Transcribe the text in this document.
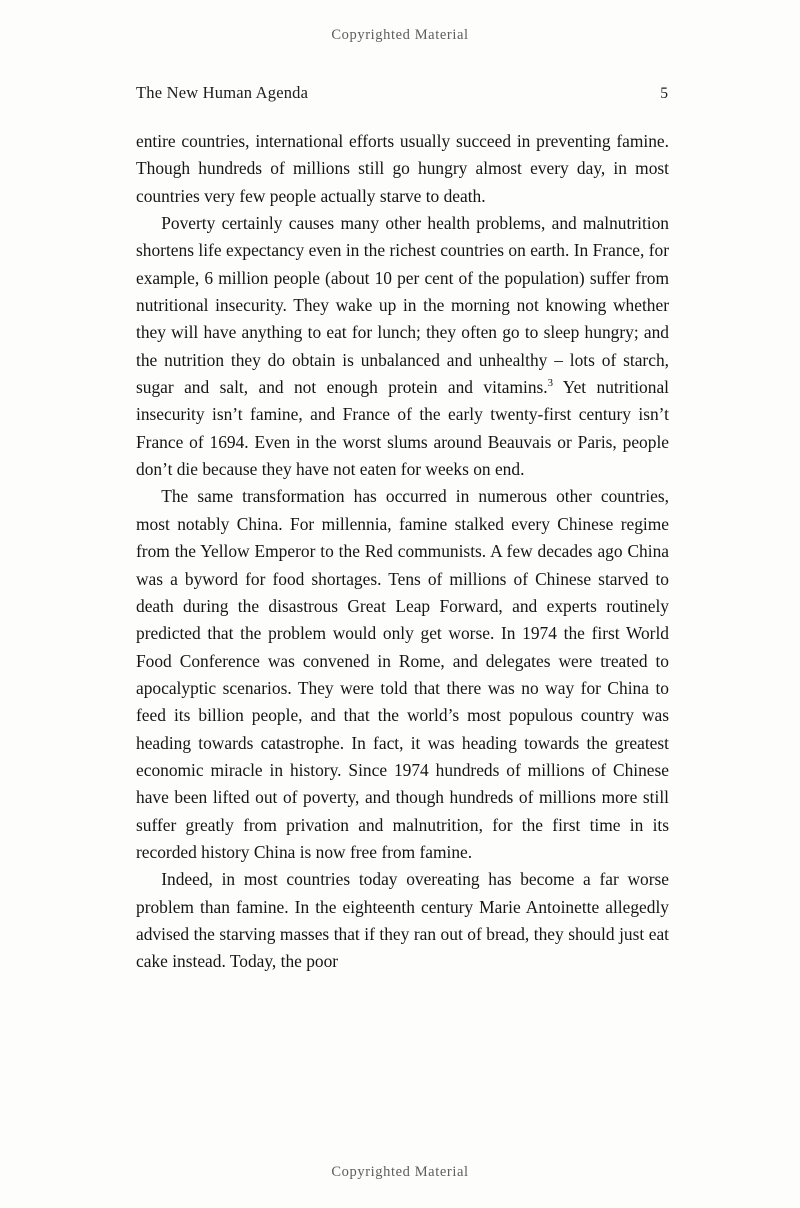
Copyrighted Material
The New Human Agenda	5

entire countries, international efforts usually succeed in preventing famine. Though hundreds of millions still go hungry almost every day, in most countries very few people actually starve to death.

Poverty certainly causes many other health problems, and malnutrition shortens life expectancy even in the richest countries on earth. In France, for example, 6 million people (about 10 per cent of the population) suffer from nutritional insecurity. They wake up in the morning not knowing whether they will have anything to eat for lunch; they often go to sleep hungry; and the nutrition they do obtain is unbalanced and unhealthy – lots of starch, sugar and salt, and not enough protein and vitamins.$^3$ Yet nutritional insecurity isn’t famine, and France of the early twenty-first century isn’t France of 1694. Even in the worst slums around Beauvais or Paris, people don’t die because they have not eaten for weeks on end.

The same transformation has occurred in numerous other countries, most notably China. For millennia, famine stalked every Chinese regime from the Yellow Emperor to the Red communists. A few decades ago China was a byword for food shortages. Tens of millions of Chinese starved to death during the disastrous Great Leap Forward, and experts routinely predicted that the problem would only get worse. In 1974 the first World Food Conference was convened in Rome, and delegates were treated to apocalyptic scenarios. They were told that there was no way for China to feed its billion people, and that the world’s most populous country was heading towards catastrophe. In fact, it was heading towards the greatest economic miracle in history. Since 1974 hundreds of millions of Chinese have been lifted out of poverty, and though hundreds of millions more still suffer greatly from privation and malnutrition, for the first time in its recorded history China is now free from famine.

Indeed, in most countries today overeating has become a far worse problem than famine. In the eighteenth century Marie Antoinette allegedly advised the starving masses that if they ran out of bread, they should just eat cake instead. Today, the poor

Copyrighted Material
